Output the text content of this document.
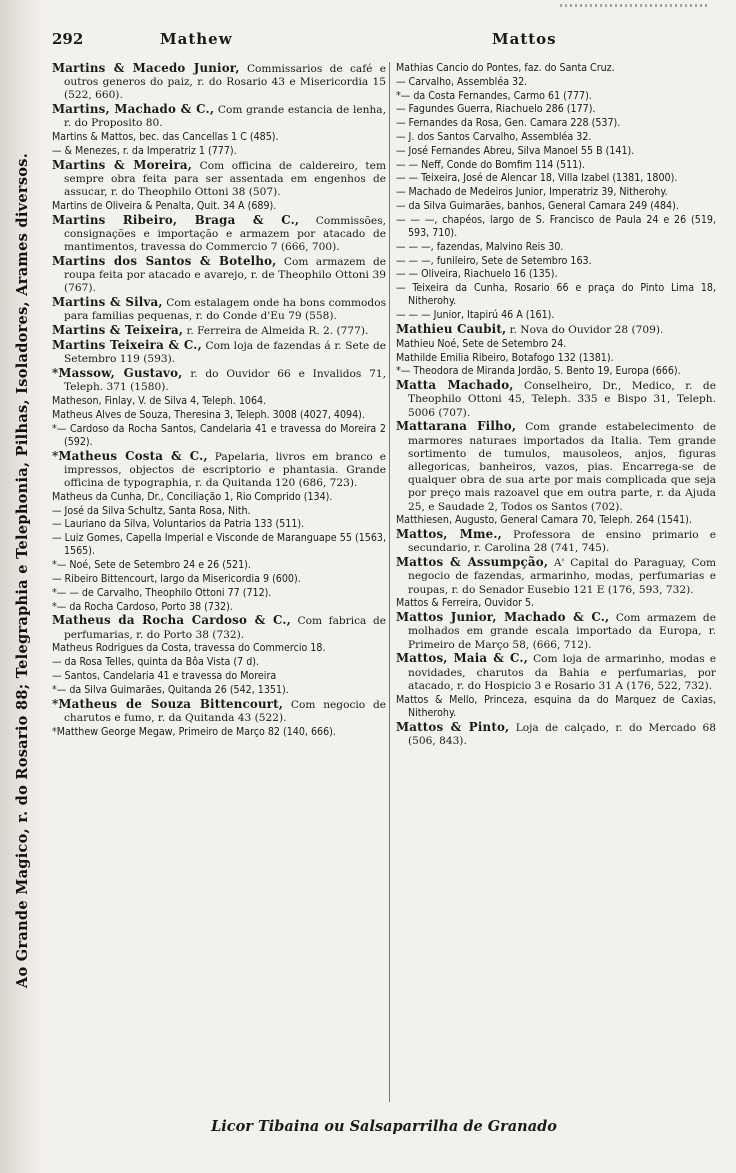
Ao Grande Magico, r. do Rosario 88; Telegraphia e Telephonia, Pilhas, Isoladores, Arames diversos.
292	Mathew	Mattos

Martins & Macedo Junior, Commissarios de café e outros generos do paiz, r. do Rosario 43 e Misericordia 15 (522, 660).

Martins, Machado & C., Com grande estancia de lenha, r. do Proposito 80.

Martins & Mattos, bec. das Cancellas 1 C (485).

— & Menezes, r. da Imperatriz 1 (777).

Martins & Moreira, Com officina de caldereiro, tem sempre obra feita para ser assentada em engenhos de assucar, r. do Theophilo Ottoni 38 (507).

Martins de Oliveira & Penalta, Quit. 34 A (689).

Martins Ribeiro, Braga & C., Commissões, consignações e importação e armazem por atacado de mantimentos, travessa do Commercio 7 (666, 700).

Martins dos Santos & Botelho, Com armazem de roupa feita por atacado e avarejo, r. de Theophilo Ottoni 39 (767).

Martins & Silva, Com estalagem onde ha bons commodos para familias pequenas, r. do Conde d'Eu 79 (558).

Martins & Teixeira, r. Ferreira de Almeida R. 2. (777).

Martins Teixeira & C., Com loja de fazendas á r. Sete de Setembro 119 (593).

*Massow, Gustavo, r. do Ouvidor 66 e Invalidos 71, Teleph. 371 (1580).

Matheson, Finlay, V. de Silva 4, Teleph. 1064.

Matheus Alves de Souza, Theresina 3, Teleph. 3008 (4027, 4094).

*— Cardoso da Rocha Santos, Candelaria 41 e travessa do Moreira 2 (592).

*Matheus Costa & C., Papelaria, livros em branco e impressos, objectos de escriptorio e phantasia. Grande officina de typographia, r. da Quitanda 120 (686, 723).

Matheus da Cunha, Dr., Conciliação 1, Rio Comprido (134).

— José da Silva Schultz, Santa Rosa, Nith.

— Lauriano da Silva, Voluntarios da Patria 133 (511).

— Luiz Gomes, Capella Imperial e Visconde de Maranguape 55 (1563, 1565).

*— Noé, Sete de Setembro 24 e 26 (521).

— Ribeiro Bittencourt, largo da Misericordia 9 (600).

*— — de Carvalho, Theophilo Ottoni 77 (712).

*— da Rocha Cardoso, Porto 38 (732).

Matheus da Rocha Cardoso & C., Com fabrica de perfumarias, r. do Porto 38 (732).

Matheus Rodrigues da Costa, travessa do Commercio 18.

— da Rosa Telles, quinta da Bôa Vista (7 d).

— Santos, Candelaria 41 e travessa do Moreira

*— da Silva Guimarães, Quitanda 26 (542, 1351).

*Matheus de Souza Bittencourt, Com negocio de charutos e fumo, r. da Quitanda 43 (522).

*Matthew George Megaw, Primeiro de Março 82 (140, 666).

Mathias Cancio do Pontes, faz. do Santa Cruz.

— Carvalho, Assembléa 32.

*— da Costa Fernandes, Carmo 61 (777).

— Fagundes Guerra, Riachuelo 286 (177).

— Fernandes da Rosa, Gen. Camara 228 (537).

— J. dos Santos Carvalho, Assembléa 32.

— José Fernandes Abreu, Silva Manoel 55 B (141).

— — Neff, Conde do Bomfim 114 (511).

— — Teixeira, José de Alencar 18, Villa Izabel (1381, 1800).

— Machado de Medeiros Junior, Imperatriz 39, Nitherohy.

— da Silva Guimarães, banhos, General Camara 249 (484).

— — —, chapéos, largo de S. Francisco de Paula 24 e 26 (519, 593, 710).

— — —, fazendas, Malvino Reis 30.

— — —, funileiro, Sete de Setembro 163.

— — Oliveira, Riachuelo 16 (135).

— Teixeira da Cunha, Rosario 66 e praça do Pinto Lima 18, Nitherohy.

— — — Junior, Itapirú 46 A (161).

Mathieu Caubit, r. Nova do Ouvidor 28 (709).

Mathieu Noé, Sete de Setembro 24.

Mathilde Emilia Ribeiro, Botafogo 132 (1381).

*— Theodora de Miranda Jordão, S. Bento 19, Europa (666).

Matta Machado, Conselheiro, Dr., Medico, r. de Theophilo Ottoni 45, Teleph. 335 e Bispo 31, Teleph. 5006 (707).

Mattarana Filho, Com grande estabelecimento de marmores naturaes importados da Italia. Tem grande sortimento de tumulos, mausoleos, anjos, figuras allegoricas, banheiros, vazos, pias. Encarrega-se de qualquer obra de sua arte por mais complicada que seja por preço mais razoavel que em outra parte, r. da Ajuda 25, e Saudade 2, Todos os Santos (702).

Matthiesen, Augusto, General Camara 70, Teleph. 264 (1541).

Mattos, Mme., Professora de ensino primario e secundario, r. Carolina 28 (741, 745).

Mattos & Assumpção, A' Capital do Paraguay, Com negocio de fazendas, armarinho, modas, perfumarias e roupas, r. do Senador Eusebio 121 E (176, 593, 732).

Mattos & Ferreira, Ouvidor 5.

Mattos Junior, Machado & C., Com armazem de molhados em grande escala importado da Europa, r. Primeiro de Março 58, (666, 712).

Mattos, Maia & C., Com loja de armarinho, modas e novidades, charutos da Bahia e perfumarias, por atacado, r. do Hospicio 3 e Rosario 31 A (176, 522, 732).

Mattos & Mello, Princeza, esquina da do Marquez de Caxias, Nitherohy.

Mattos & Pinto, Loja de calçado, r. do Mercado 68 (506, 843).

Licor Tibaina ou Salsaparrilha de Granado
